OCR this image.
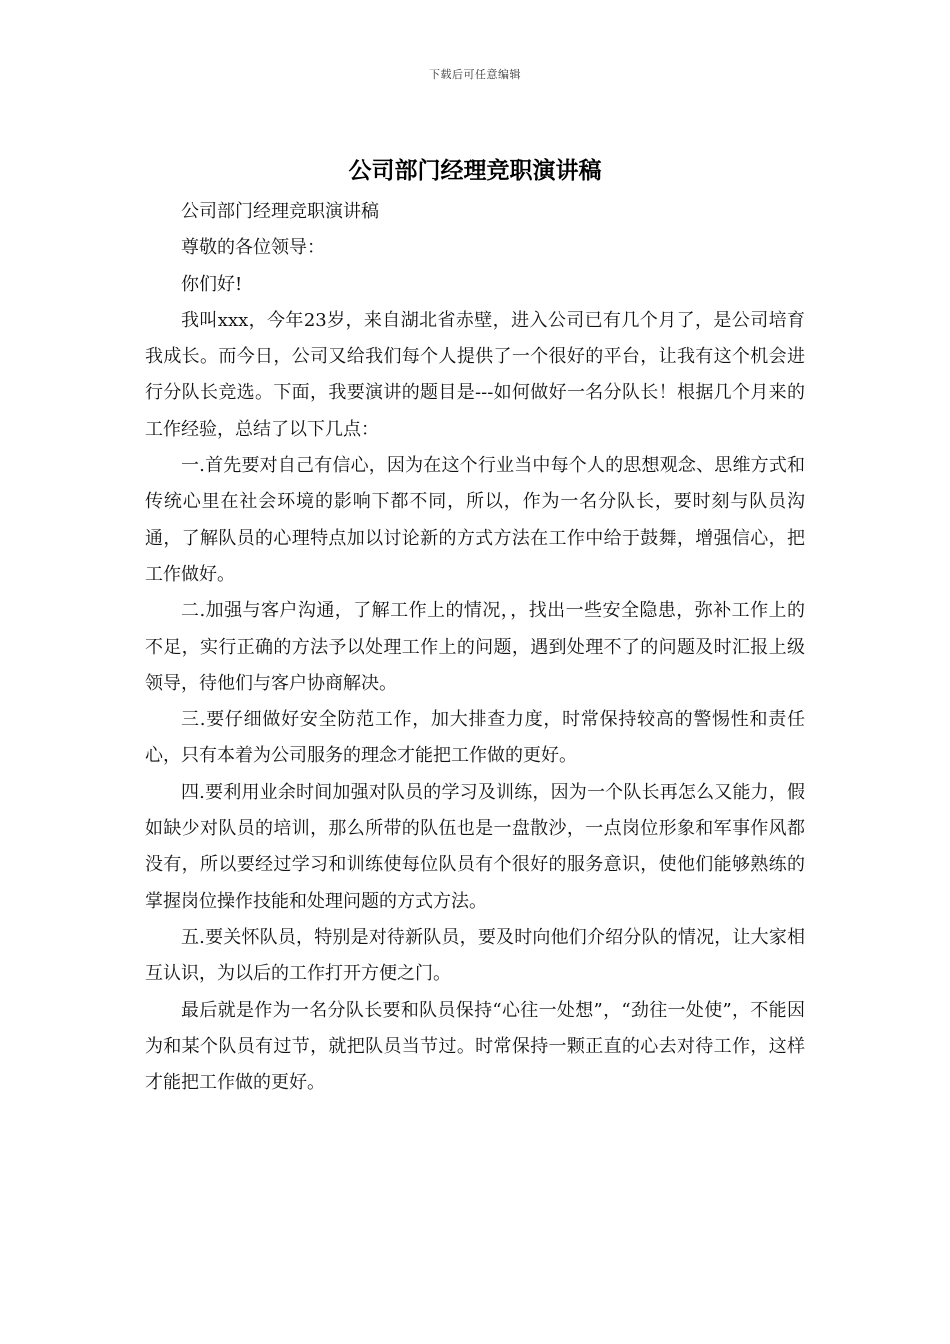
下载后可任意编辑
公司部门经理竞职演讲稿

公司部门经理竞职演讲稿

尊敬的各位领导：

你们好!

我叫xxx，今年23岁，来自湖北省赤壁，进入公司已有几个月了，是公司培育我成长。而今日，公司又给我们每个人提供了一个很好的平台，让我有这个机会进行分队长竞选。下面，我要演讲的题目是---如何做好一名分队长！根据几个月来的工作经验，总结了以下几点：

一.首先要对自己有信心，因为在这个行业当中每个人的思想观念、思维方式和传统心里在社会环境的影响下都不同，所以，作为一名分队长，要时刻与队员沟通，了解队员的心理特点加以讨论新的方式方法在工作中给于鼓舞，增强信心，把工作做好。

二.加强与客户沟通，了解工作上的情况，，找出一些安全隐患，弥补工作上的不足，实行正确的方法予以处理工作上的问题，遇到处理不了的问题及时汇报上级领导，待他们与客户协商解决。

三.要仔细做好安全防范工作，加大排查力度，时常保持较高的警惕性和责任心，只有本着为公司服务的理念才能把工作做的更好。

四.要利用业余时间加强对队员的学习及训练，因为一个队长再怎么又能力，假如缺少对队员的培训，那么所带的队伍也是一盘散沙，一点岗位形象和军事作风都没有，所以要经过学习和训练使每位队员有个很好的服务意识，使他们能够熟练的掌握岗位操作技能和处理问题的方式方法。

五.要关怀队员，特别是对待新队员，要及时向他们介绍分队的情况，让大家相互认识，为以后的工作打开方便之门。

最后就是作为一名分队长要和队员保持“心往一处想”，“劲往一处使”，不能因为和某个队员有过节，就把队员当节过。时常保持一颗正直的心去对待工作，这样才能把工作做的更好。
